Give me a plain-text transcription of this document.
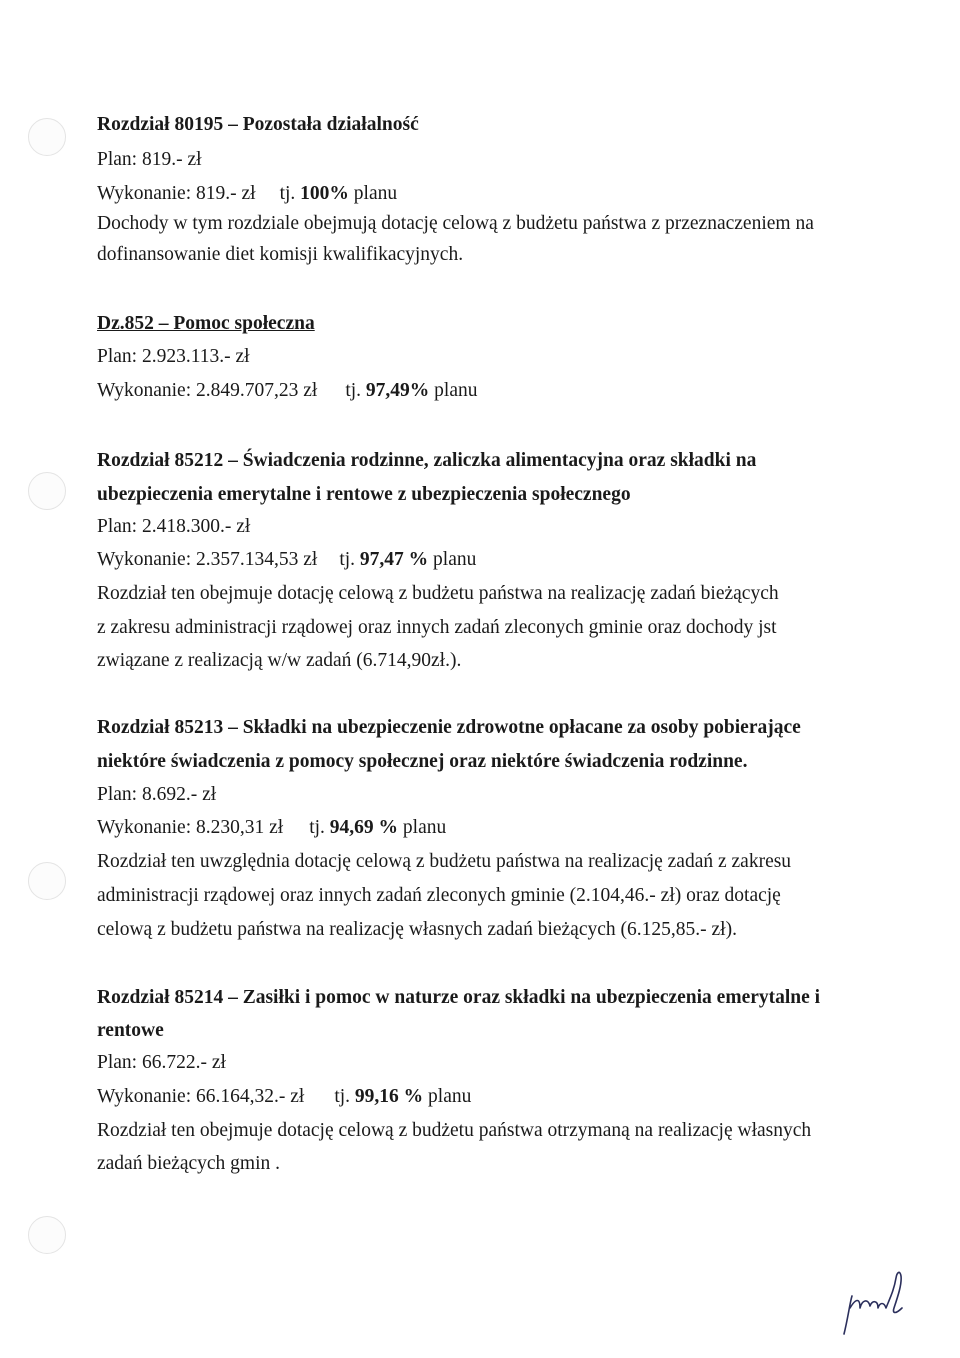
Rozdział 80195 – Pozostała działalność
Plan: 819.- zł
Wykonanie: 819.- zł tj. 100% planu
Dochody w tym rozdziale obejmują dotację celową z budżetu państwa z przeznaczeniem na
dofinansowanie diet komisji kwalifikacyjnych.
Dz.852 – Pomoc społeczna
Plan: 2.923.113.- zł
Wykonanie: 2.849.707,23 zł tj. 97,49% planu
Rozdział 85212 – Świadczenia rodzinne, zaliczka alimentacyjna oraz składki na
ubezpieczenia emerytalne i rentowe z ubezpieczenia społecznego
Plan: 2.418.300.- zł
Wykonanie: 2.357.134,53 zł tj. 97,47 % planu
Rozdział ten obejmuje dotację celową z budżetu państwa na realizację zadań bieżących
z zakresu administracji rządowej oraz innych zadań zleconych gminie oraz dochody jst
związane z realizacją w/w zadań (6.714,90zł.).
Rozdział 85213 – Składki na ubezpieczenie zdrowotne opłacane za osoby pobierające
niektóre świadczenia z pomocy społecznej oraz niektóre świadczenia rodzinne.
Plan: 8.692.- zł
Wykonanie: 8.230,31 zł tj. 94,69 % planu
Rozdział ten uwzględnia dotację celową z budżetu państwa na realizację zadań z zakresu
administracji rządowej oraz innych zadań zleconych gminie (2.104,46.- zł) oraz dotację
celową z budżetu państwa na realizację własnych zadań bieżących (6.125,85.- zł).
Rozdział 85214 – Zasiłki i pomoc w naturze oraz składki na ubezpieczenia emerytalne i
rentowe
Plan: 66.722.- zł
Wykonanie: 66.164,32.- zł tj. 99,16 % planu
Rozdział ten obejmuje dotację celową z budżetu państwa otrzymaną na realizację własnych
zadań bieżących gmin .
